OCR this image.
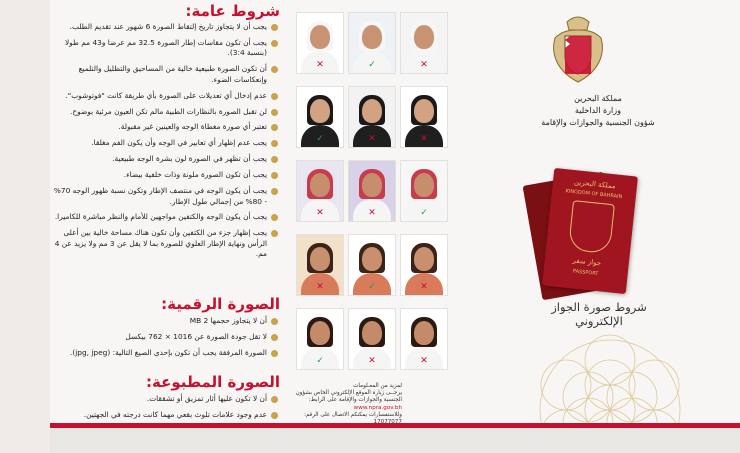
شروط عامة:
يجب أن لا يتجاوز تاريخ إلتقاط الصورة 6 شهور عند تقديم الطلب.
يجب أن تكون مقاسات إطار الصورة 32.5 مم عرضا و43 مم طولا (بنسبة 3:4).
أن تكون الصورة طبيعية خالية من المساحيق والتظليل والتلميع وإنعكاسات الضوء.
عدم إدخال أي تعديلات على الصورة بأي طريقة كانت "فوتوشوب".
لن تقبل الصورة بالنظارات الطبية مالم تكن العيون مرئية بوضوح.
تعتبر أي صورة مغطاة الوجه والعينين غير مقبولة.
يجب عدم إظهار أي تعابير في الوجه وأن يكون الفم مغلقا.
يجب أن تظهر في الصورة لون بشرة الوجه طبيعية.
يجب أن تكون الصورة ملونة وذات خلفية بيضاء.
يجب أن يكون الوجه في منتصف الإطار وتكون نسبة ظهور الوجه 70% - 80% من إجمالي طول الإطار.
يجب أن يكون الوجه والكتفين مواجهين للأمام والنظر مباشرة للكاميرا.
يجب إظهار جزء من الكتفين وأن تكون هناك مساحة خالية بين أعلى الرأس ونهاية الإطار العلوي للصورة بما لا يقل عن 3 مم ولا يزيد عن 4 مم.
الصورة الرقمية:
أن لا يتجاوز حجمها MB 2
لا تقل جودة الصورة عن 1016 × 762 بيكسل
الصورة المرفقة يجب أن تكون بإحدى الصيغ التالية: (jpg, jpeg).
الصورة المطبوعة:
أن لا تكون عليها أثار تمزيق أو تشققات.
عدم وجود علامات تلوث بقعي مهما كانت درجته في الجهتين.
✕	✓	✕
✓	✕	✕
✕	✕	✓
✕	✓	✕
✓	✕	✕
لمزيد من المعـلومات
يرجــى زيارة الموقع الإلكتروني الخاص بشؤون الجنسية والجوازات والإقامة على الرابط:
www.npra.gov.bh
وللاستفسارات يمكنكم الاتصال على الرقم:
مملكة البحرين
وزارة الداخلية
شؤون الجنسية والجوازات والإقامة
مملكة البحرين
KINGDOM OF BAHRAIN
جواز سفر
PASSPORT
شروط صورة الجواز الإلكتروني
